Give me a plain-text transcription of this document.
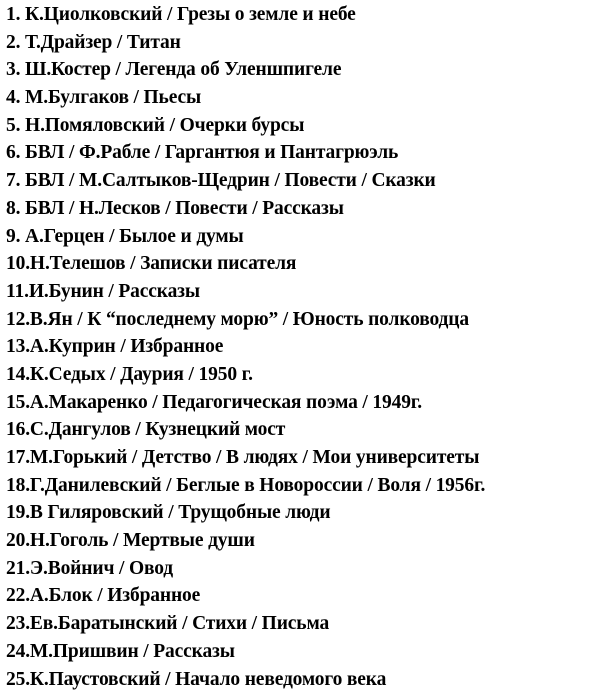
1. К.Циолковский / Грезы о земле и небе
2. Т.Драйзер / Титан
3. Ш.Костер / Легенда об Уленшпигеле
4. М.Булгаков / Пьесы
5. Н.Помяловский / Очерки бурсы
6. БВЛ / Ф.Рабле / Гаргантюя и Пантагрюэль
7. БВЛ / М.Салтыков-Щедрин / Повести / Сказки
8. БВЛ / Н.Лесков / Повести / Рассказы
9. А.Герцен / Былое и думы
10.Н.Телешов / Записки писателя
11.И.Бунин / Рассказы
12.В.Ян / К “последнему морю” / Юность полководца
13.А.Куприн / Избранное
14.К.Седых / Даурия / 1950 г.
15.А.Макаренко / Педагогическая поэма / 1949г.
16.С.Дангулов / Кузнецкий мост
17.М.Горький / Детство / В людях / Мои университеты
18.Г.Данилевский / Беглые в Новороссии / Воля / 1956г.
19.В Гиляровский / Трущобные люди
20.Н.Гоголь / Мертвые души
21.Э.Войнич / Овод
22.А.Блок / Избранное
23.Ев.Баратынский / Стихи / Письма
24.М.Пришвин / Рассказы
25.К.Паустовский / Начало неведомого века
